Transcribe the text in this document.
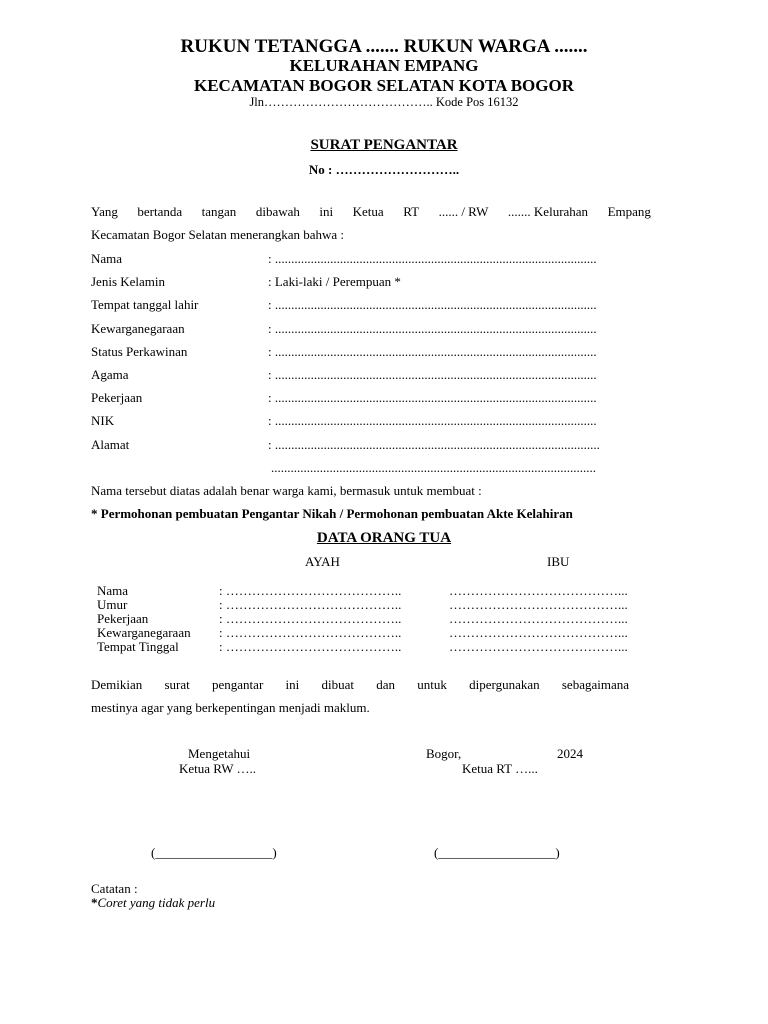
RUKUN TETANGGA ....... RUKUN WARGA .......
KELURAHAN EMPANG
KECAMATAN BOGOR SELATAN KOTA BOGOR
Jln………………………………….. Kode Pos 16132
SURAT PENGANTAR
No : ………………………..
Yang bertanda tangan dibawah ini Ketua RT ...... / RW ....... Kelurahan Empang
Kecamatan Bogor Selatan menerangkan bahwa :
Nama	: ...................................................................................................
Jenis Kelamin	: Laki-laki / Perempuan *
Tempat tanggal lahir	: ...................................................................................................
Kewarganegaraan	: ...................................................................................................
Status Perkawinan	: ...................................................................................................
Agama	: ...................................................................................................
Pekerjaan	: ...................................................................................................
NIK	: ...................................................................................................
Alamat	: ....................................................................................................
....................................................................................................
Nama tersebut diatas adalah benar warga kami, bermasuk untuk membuat :
* Permohonan pembuatan Pengantar Nikah / Permohonan pembuatan Akte Kelahiran
DATA ORANG TUA
AYAH	IBU
Nama	: …………………………………..	…………………………………...
Umur	: …………………………………..	…………………………………...
Pekerjaan	: …………………………………..	…………………………………...
Kewarganegaraan	: …………………………………..	…………………………………...
Tempat Tinggal	: …………………………………..	…………………………………...
Demikian surat pengantar ini dibuat dan untuk dipergunakan sebagaimana
mestinya agar yang berkepentingan menjadi maklum.
Mengetahui
Ketua RW …..
Bogor,	2024
Ketua RT …...
(__________________)	(__________________)
Catatan :
*Coret yang tidak perlu
